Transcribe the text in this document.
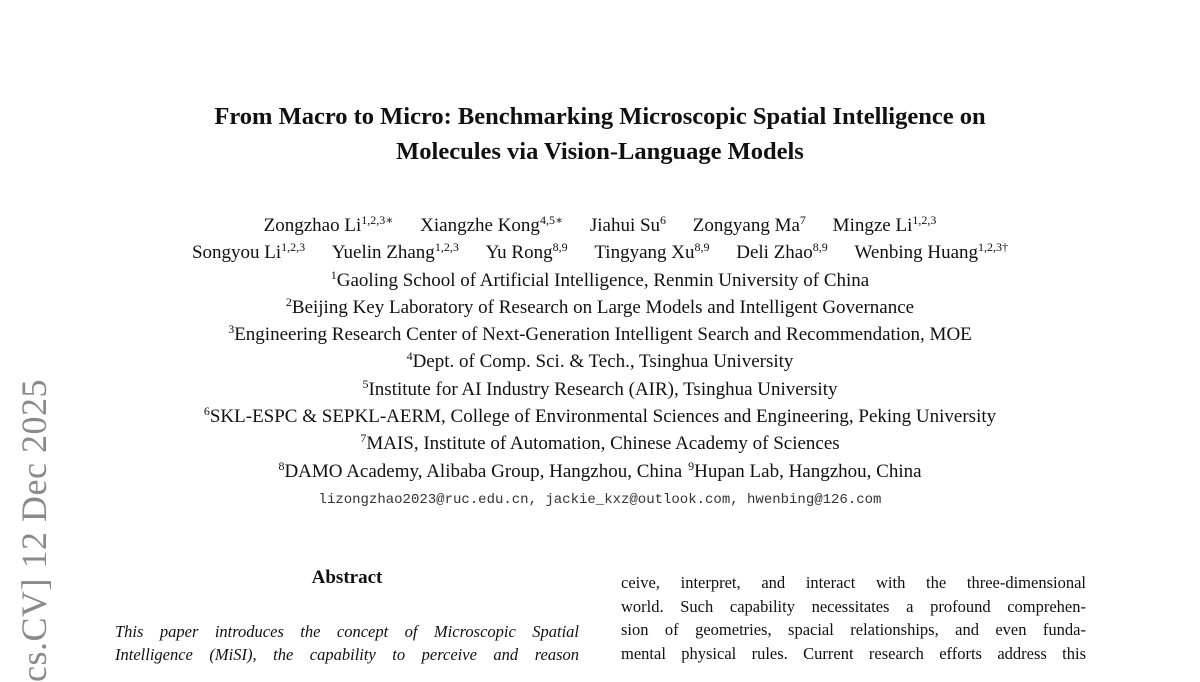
From Macro to Micro: Benchmarking Microscopic Spatial Intelligence on
Molecules via Vision-Language Models
Zongzhao $Li^{1,2,3∗}$ Xiangzhe Kong$^{4,5∗}$ Jiahui Su$^6$ Zongyang Ma$^7$ Mingze Li$^{1,2,3}$
Songyou Li$^{1,2,3}$ Yuelin Zhang$^{1,2,3}$ Yu Rong$^{8,9}$ Tingyang Xu$^{8,9}$ Deli Zhao$^{8,9}$ Wenbing Huang$^{1,2,3\dagger}$
$^1$Gaoling School of Artificial Intelligence, Renmin University of China
$^2$Beijing Key Laboratory of Research on Large Models and Intelligent Governance
$^3$Engineering Research Center of Next-Generation Intelligent Search and Recommendation, MOE
$^4$Dept. of Comp. Sci. & Tech., Tsinghua University
$^5$Institute for AI Industry Research (AIR), Tsinghua University
$^6$SKL-ESPC & SEPKL-AERM, College of Environmental Sciences and Engineering, Peking University
$^7$MAIS, Institute of Automation, Chinese Academy of Sciences
$^8$DAMO Academy, Alibaba Group, Hangzhou, China $^9$Hupan Lab, Hangzhou, China
lizongzhao2023@ruc.edu.cn, jackie_kxz@outlook.com, hwenbing@126.com
cs.CV] 12 Dec 2025	Abstract
This paper introduces the concept of Microscopic Spatial
Intelligence (MiSI), the capability to perceive and reason
ceive, interpret, and interact with the three-dimensional
world. Such capability necessitates a profound comprehen-
sion of geometries, spacial relationships, and even funda-
mental physical rules. Current research efforts address this
